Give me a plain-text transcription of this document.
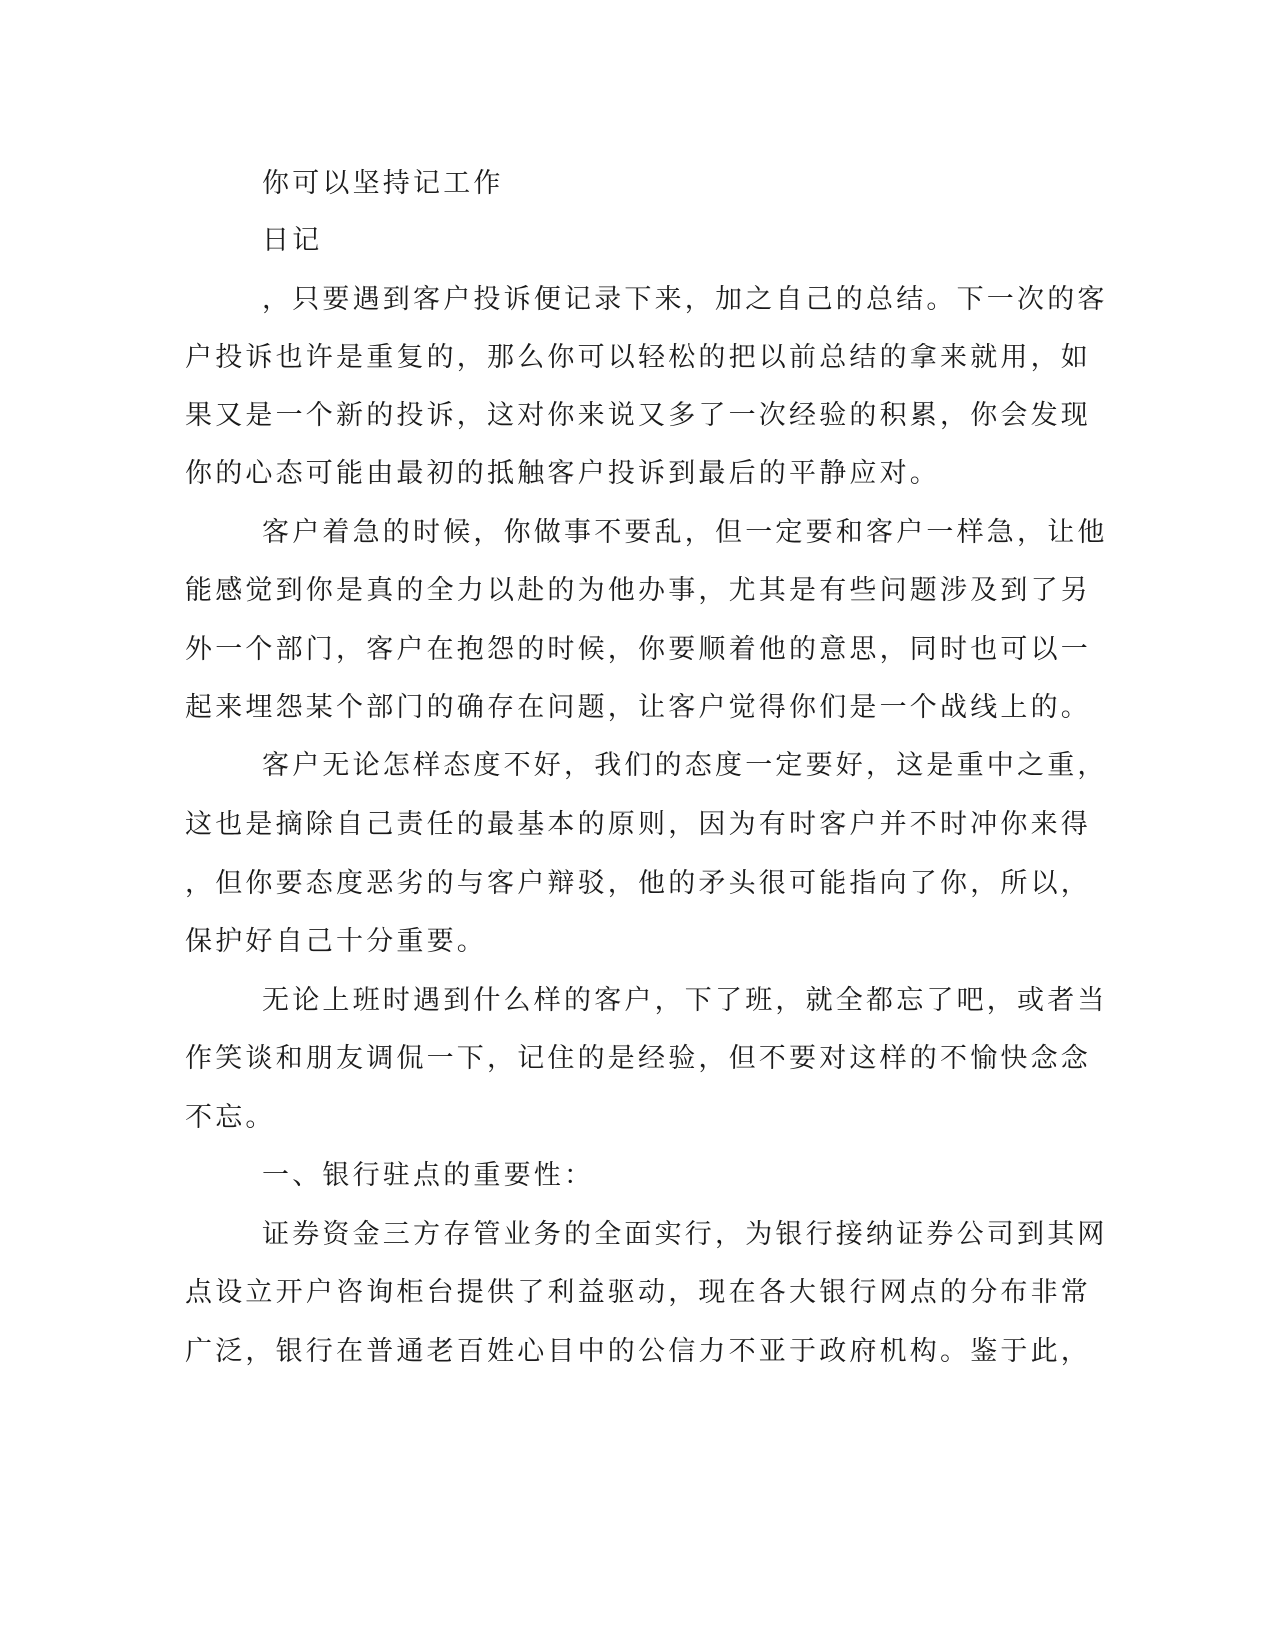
你可以坚持记工作
日记
，只要遇到客户投诉便记录下来，加之自己的总结。下一次的客
户投诉也许是重复的，那么你可以轻松的把以前总结的拿来就用，如
果又是一个新的投诉，这对你来说又多了一次经验的积累，你会发现
你的心态可能由最初的抵触客户投诉到最后的平静应对。
客户着急的时候，你做事不要乱，但一定要和客户一样急，让他
能感觉到你是真的全力以赴的为他办事，尤其是有些问题涉及到了另
外一个部门，客户在抱怨的时候，你要顺着他的意思，同时也可以一
起来埋怨某个部门的确存在问题，让客户觉得你们是一个战线上的。
客户无论怎样态度不好，我们的态度一定要好，这是重中之重，
这也是摘除自己责任的最基本的原则，因为有时客户并不时冲你来得
，但你要态度恶劣的与客户辩驳，他的矛头很可能指向了你，所以，
保护好自己十分重要。
无论上班时遇到什么样的客户，下了班，就全都忘了吧，或者当
作笑谈和朋友调侃一下，记住的是经验，但不要对这样的不愉快念念
不忘。
一、银行驻点的重要性：
证券资金三方存管业务的全面实行，为银行接纳证券公司到其网
点设立开户咨询柜台提供了利益驱动，现在各大银行网点的分布非常
广泛，银行在普通老百姓心目中的公信力不亚于政府机构。鉴于此，
